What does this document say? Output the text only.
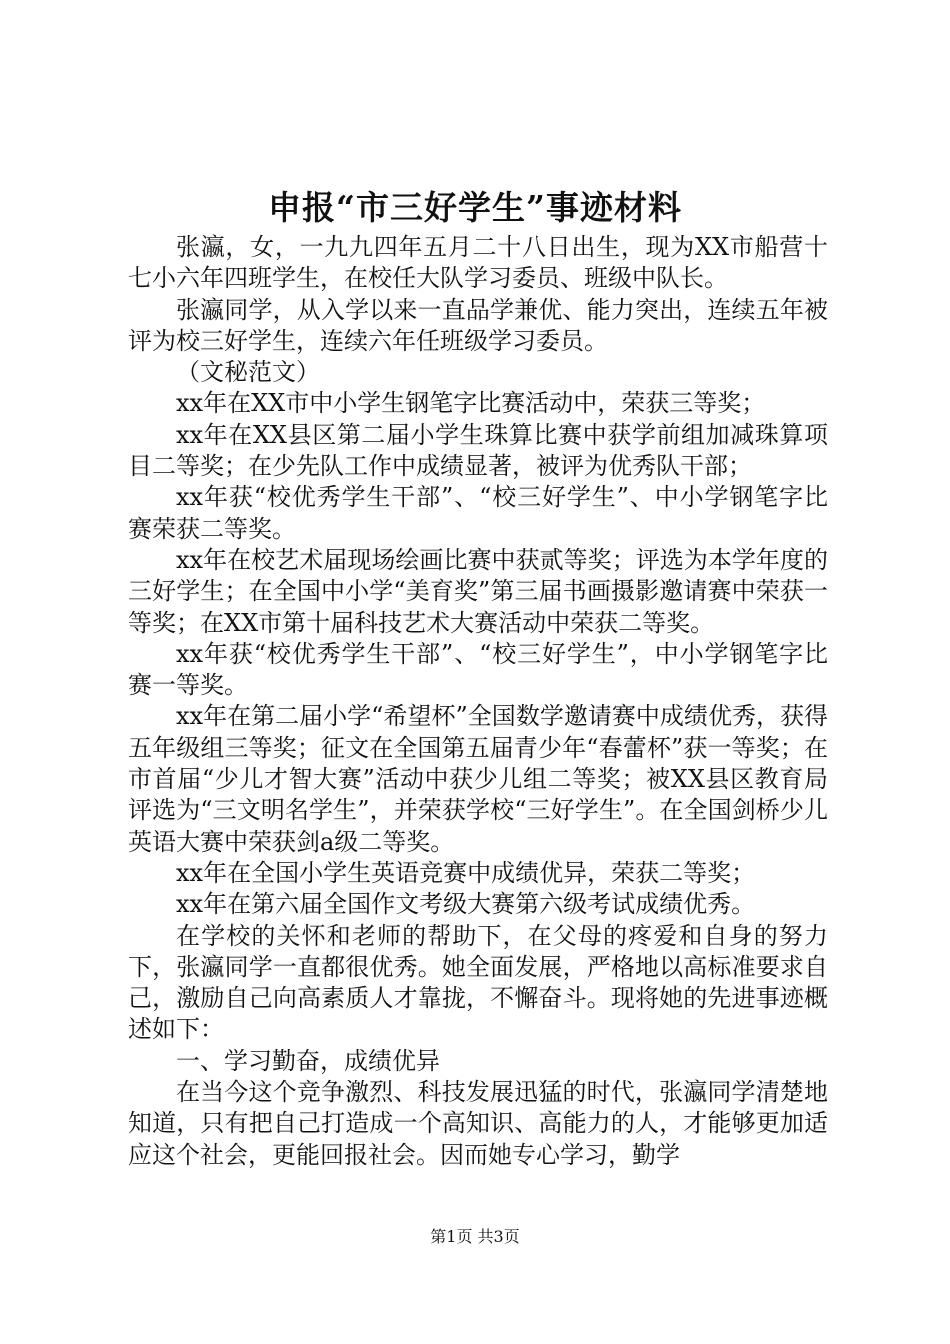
申报“市三好学生”事迹材料

张瀛，女，一九九四年五月二十八日出生，现为XX市船营十七小六年四班学生，在校任大队学习委员、班级中队长。

张瀛同学，从入学以来一直品学兼优、能力突出，连续五年被评为校三好学生，连续六年任班级学习委员。

（文秘范文）

xx年在XX市中小学生钢笔字比赛活动中，荣获三等奖；

xx年在XX县区第二届小学生珠算比赛中获学前组加减珠算项目二等奖；在少先队工作中成绩显著，被评为优秀队干部；

xx年获“校优秀学生干部”、“校三好学生”、中小学钢笔字比赛荣获二等奖。

xx年在校艺术届现场绘画比赛中获贰等奖；评选为本学年度的三好学生；在全国中小学“美育奖”第三届书画摄影邀请赛中荣获一等奖；在XX市第十届科技艺术大赛活动中荣获二等奖。

xx年获“校优秀学生干部”、“校三好学生”，中小学钢笔字比赛一等奖。

xx年在第二届小学“希望杯”全国数学邀请赛中成绩优秀，获得五年级组三等奖；征文在全国第五届青少年“春蕾杯”获一等奖；在市首届“少儿才智大赛”活动中获少儿组二等奖；被XX县区教育局评选为“三文明名学生”，并荣获学校“三好学生”。在全国剑桥少儿英语大赛中荣获剑a级二等奖。

xx年在全国小学生英语竞赛中成绩优异，荣获二等奖；

xx年在第六届全国作文考级大赛第六级考试成绩优秀。

在学校的关怀和老师的帮助下，在父母的疼爱和自身的努力下，张瀛同学一直都很优秀。她全面发展，严格地以高标准要求自己，激励自己向高素质人才靠拢，不懈奋斗。现将她的先进事迹概述如下：

一、学习勤奋，成绩优异

在当今这个竞争激烈、科技发展迅猛的时代，张瀛同学清楚地知道，只有把自己打造成一个高知识、高能力的人，才能够更加适应这个社会，更能回报社会。因而她专心学习，勤学

第1页 共3页
